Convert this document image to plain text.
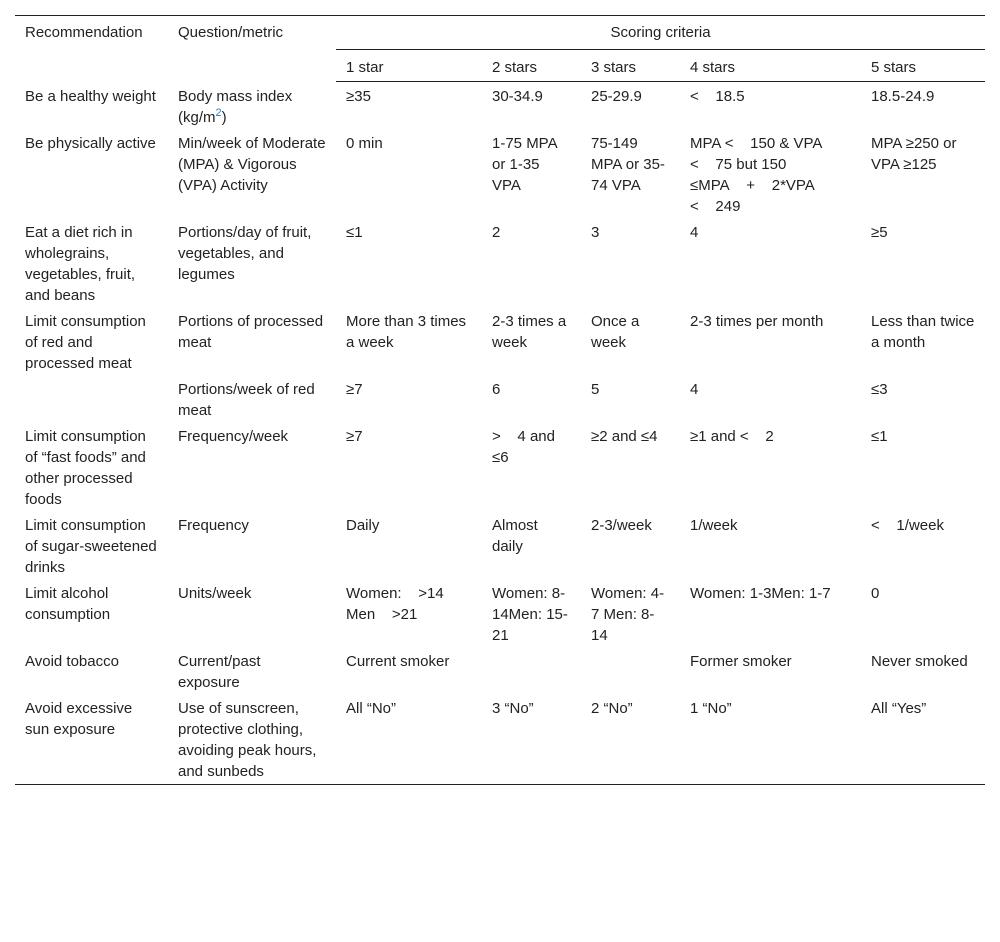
Recommendation	Question/metric	Scoring criteria				
		1 star	2 stars	3 stars	4 stars	5 stars
Be a healthy weight	Body mass index (kg/m$^2$)	≥35	30-34.9	25-29.9	<    18.5	18.5-24.9
Be physically active	Min/week of Moderate (MPA) & Vigorous (VPA) Activity	0 min	1-75 MPA or 1-35 VPA	75-149 MPA or 35-74 VPA	MPA <    150 & VPA <    75 but 150 ≤MPA    +    2*VPA <    249	MPA ≥250 or VPA ≥125
Eat a diet rich in wholegrains, vegetables, fruit, and beans	Portions/day of fruit, vegetables, and legumes	≤1	2	3	4	≥5
Limit consumption of red and processed meat	Portions of processed meat	More than 3 times a week	2-3 times a week	Once a week	2-3 times per month	Less than twice a month
	Portions/week of red meat	≥7	6	5	4	≤3
Limit consumption of “fast foods” and other processed foods	Frequency/week	≥7	>    4 and ≤6	≥2 and ≤4	≥1 and <    2	≤1
Limit consumption of sugar-sweetened drinks	Frequency	Daily	Almost daily	2-3/week	1/week	<    1/week
Limit alcohol consumption	Units/week	Women:    >14 Men    >21	Women: 8-14Men: 15-21	Women: 4-7 Men: 8-14	Women: 1-3Men: 1-7	0
Avoid tobacco	Current/past exposure	Current smoker			Former smoker	Never smoked
Avoid excessive sun exposure	Use of sunscreen, protective clothing, avoiding peak hours, and sunbeds	All “No”	3 “No”	2 “No”	1 “No”	All “Yes”
